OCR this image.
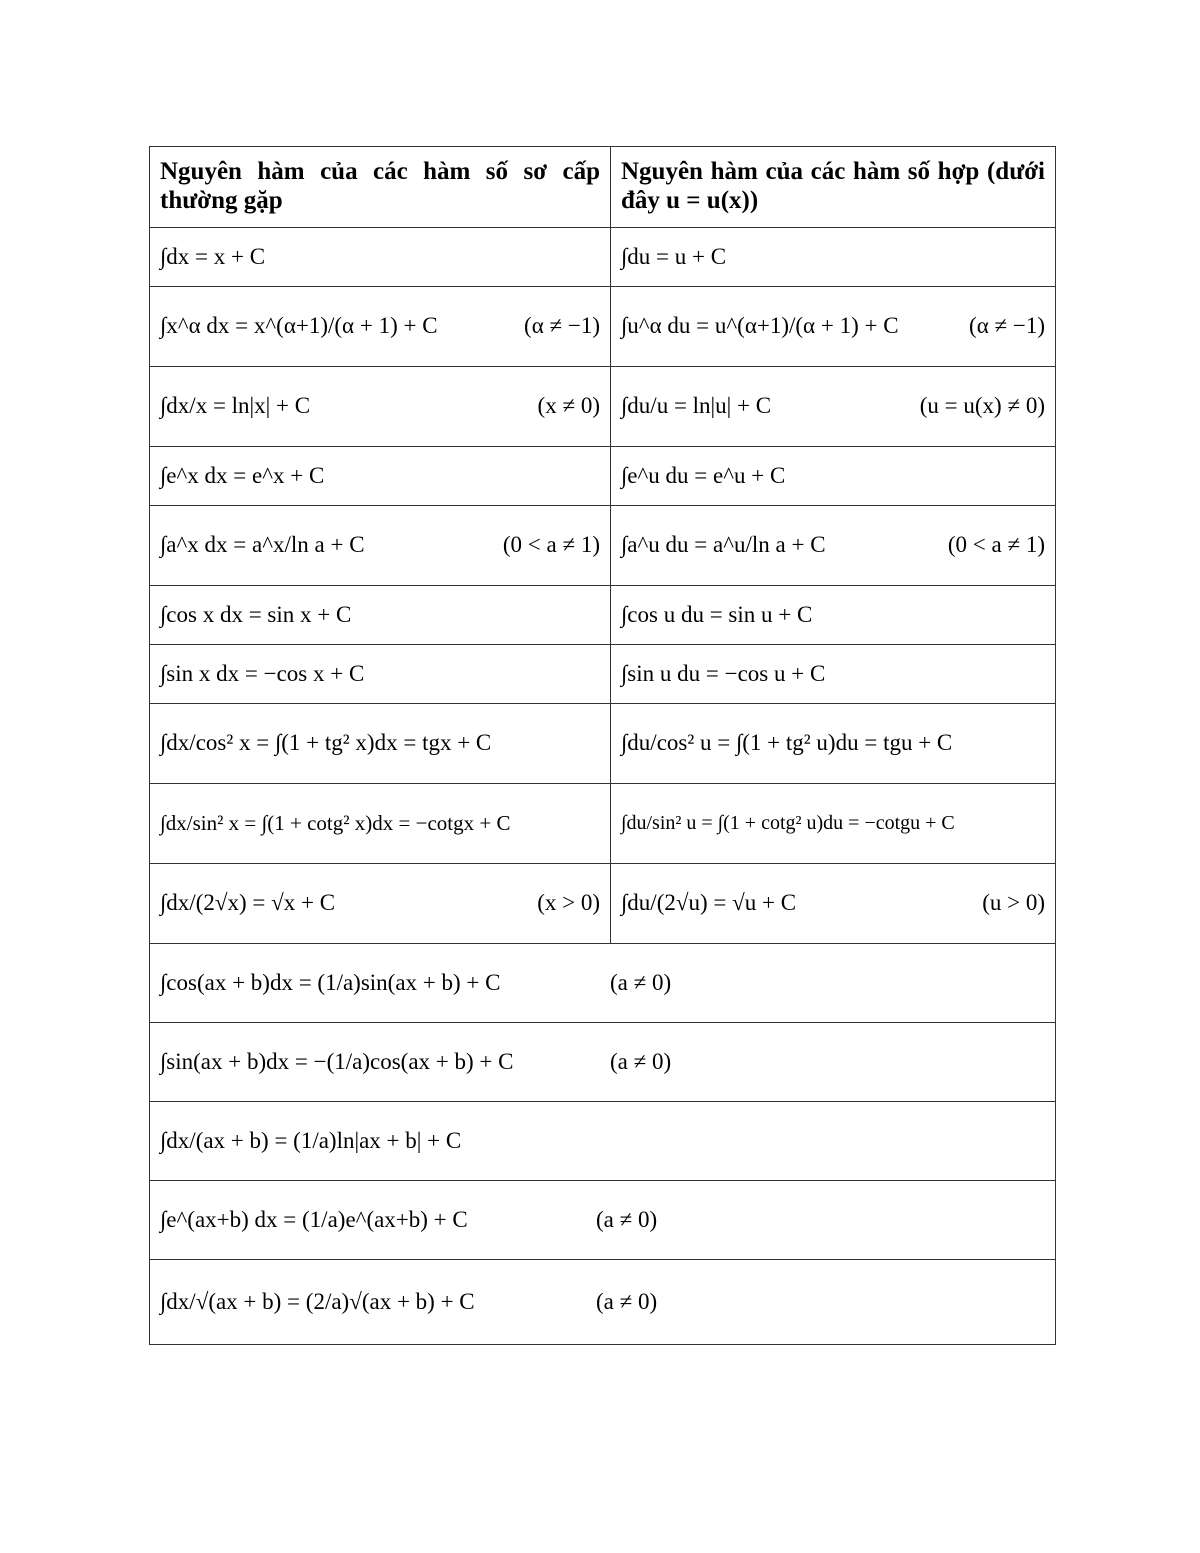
Nguyên hàm của các hàm số sơ cấp thường gặp	Nguyên hàm của các hàm số hợp (dưới đây u = u(x))

∫dx = x + C	∫du = u + C

∫x^α dx = x^(α+1)/(α + 1) + C (α ≠ −1)	∫u^α du = u^(α+1)/(α + 1) + C (α ≠ −1)

∫dx/x = ln|x| + C (x ≠ 0)	∫du/u = ln|u| + C (u = u(x) ≠ 0)

∫e^x dx = e^x + C	∫e^u du = e^u + C

∫a^x dx = a^x/ln a + C (0 < a ≠ 1)	∫a^u du = a^u/ln a + C (0 < a ≠ 1)

∫cos x dx = sin x + C	∫cos u du = sin u + C

∫sin x dx = −cos x + C	∫sin u du = −cos u + C

∫dx/cos² x = ∫(1 + tg² x)dx = tgx + C	∫du/cos² u = ∫(1 + tg² u)du = tgu + C

∫dx/sin² x = ∫(1 + cotg² x)dx = −cotgx + C	∫du/sin² u = ∫(1 + cotg² u)du = −cotgu + C

∫dx/(2√x) = √x + C (x > 0)	∫du/(2√u) = √u + C (u > 0)

∫cos(ax + b)dx = (1/a)sin(ax + b) + C (a ≠ 0)	

∫sin(ax + b)dx = −(1/a)cos(ax + b) + C (a ≠ 0)	

∫dx/(ax + b) = (1/a)ln|ax + b| + C	

∫e^(ax+b) dx = (1/a)e^(ax+b) + C (a ≠ 0)	

∫dx/√(ax + b) = (2/a)√(ax + b) + C (a ≠ 0)	
